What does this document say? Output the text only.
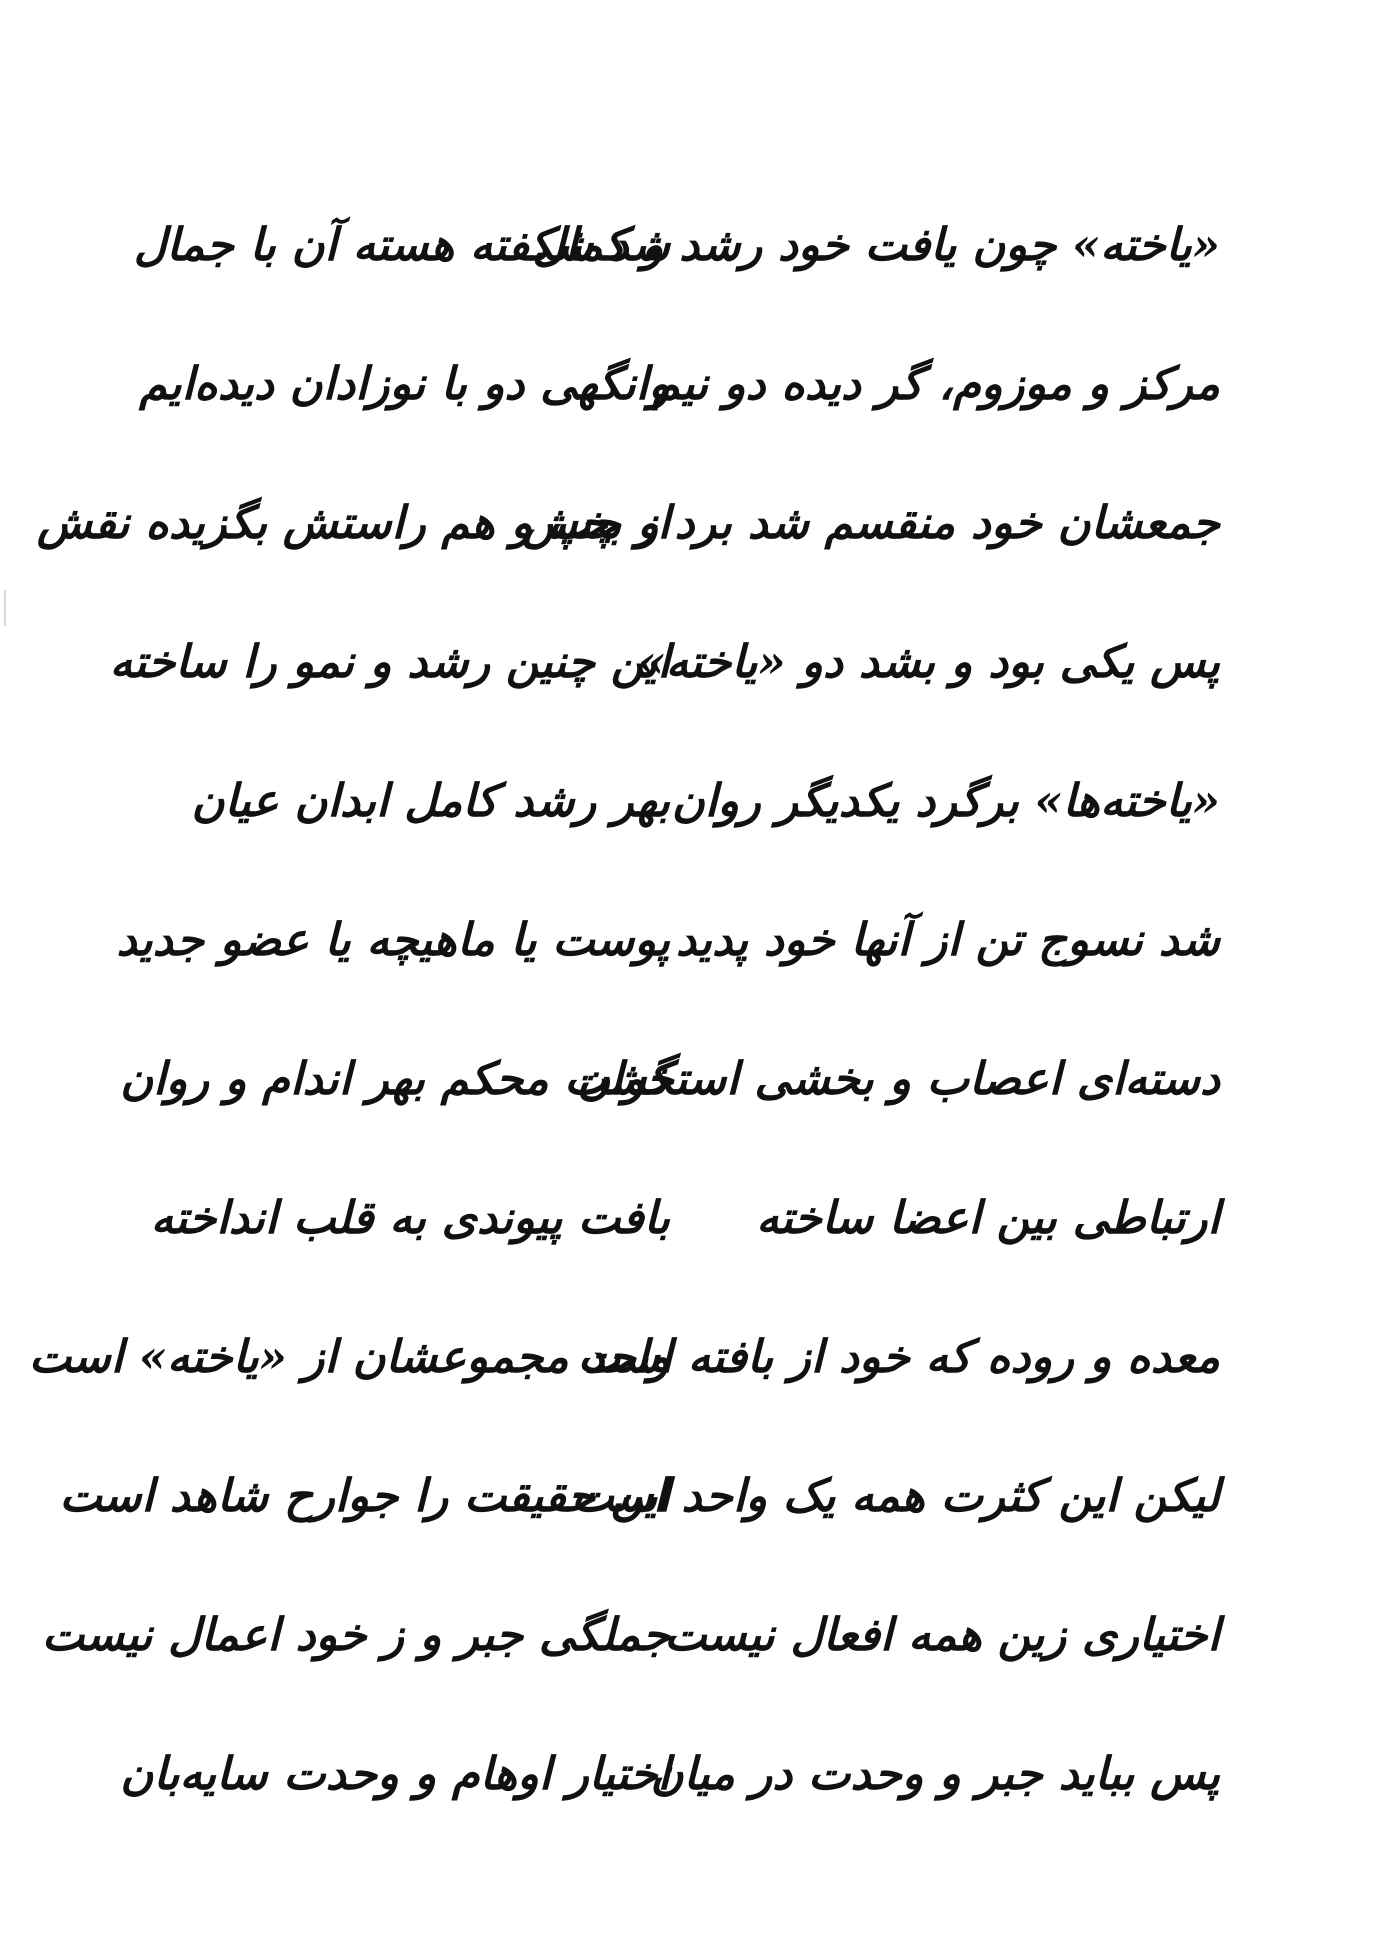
«یاخته» چون یافت خود رشد و کمال
شد شکفته هسته آن با جمال
مرکز و موزوم، گر دیده دو نیم
وانگهی دو با نوزادان دیده‌ایم
جمعشان خود منقسم شد برد و بخش
از چپ و هم راستش بگزیده نقش
پس یکی بود و بشد دو «یاخته»
این چنین رشد و نمو را ساخته
«یاخته‌ها» برگرد یکدیگر روان
بهر رشد کامل ابدان عیان
شد نسوج تن از آنها خود پدید
پوست یا ماهیچه یا عضو جدید
دسته‌ای اعصاب و بخشی استخوان
گشت محکم بهر اندام و روان
ارتباطی بین اعضا ساخته
بافت پیوندی به قلب انداخته
معده و روده که خود از بافته است
واحد مجموعشان از «یاخته» است
لیکن این کثرت همه یک واحد است
این حقیقت را جوارح شاهد است
اختیاری زین همه افعال نیست
جملگی جبر و ز خود اعمال نیست
پس بباید جبر و وحدت در میان
اختیار اوهام و وحدت سایه‌بان
